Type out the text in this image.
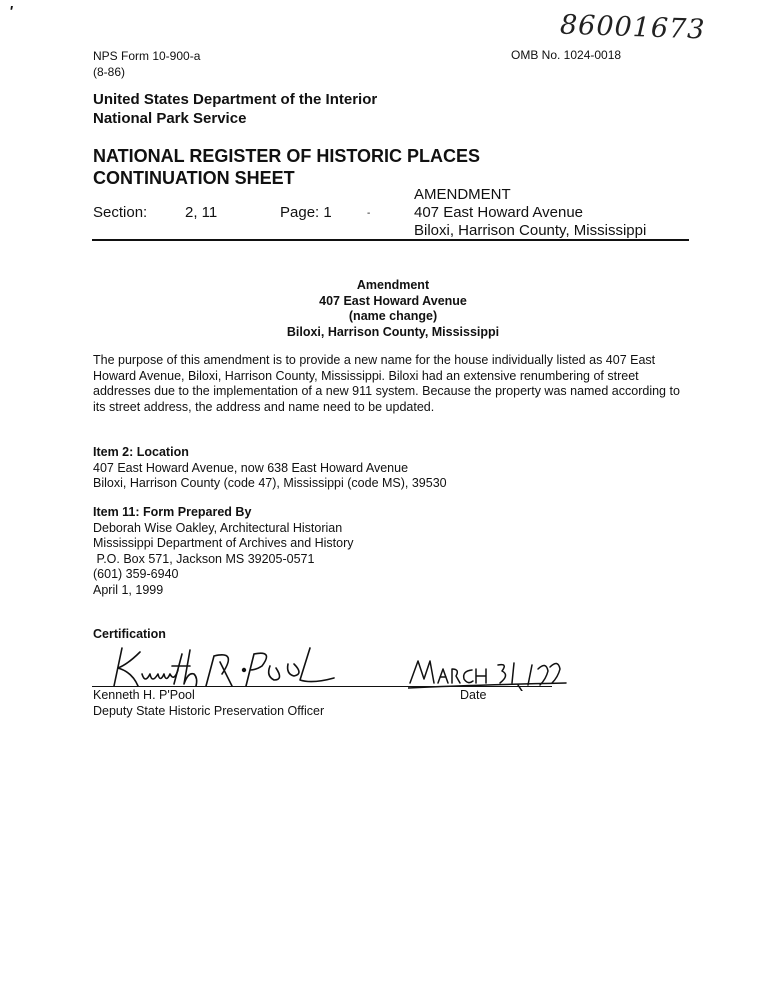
'	86001673
NPS Form 10-900-a
(8-86)
OMB No. 1024-0018
United States Department of the Interior
National Park Service
NATIONAL REGISTER OF HISTORIC PLACES
CONTINUATION SHEET
Section:	2, 11	Page: 1	-
AMENDMENT
407 East Howard Avenue
Biloxi, Harrison County, Mississippi
Amendment
407 East Howard Avenue
(name change)
Biloxi, Harrison County, Mississippi
The purpose of this amendment is to provide a new name for the house individually listed as 407 East Howard Avenue, Biloxi, Harrison County, Mississippi. Biloxi had an extensive renumbering of street addresses due to the implementation of a new 911 system. Because the property was named according to its street address, the address and name need to be updated.
Item 2: Location
407 East Howard Avenue, now 638 East Howard Avenue
Biloxi, Harrison County (code 47), Mississippi (code MS), 39530
Item 11: Form Prepared By
Deborah Wise Oakley, Architectural Historian
Mississippi Department of Archives and History
P.O. Box 571, Jackson MS 39205-0571
(601) 359-6940
April 1, 1999
Certification
Kenneth H. P'Pool
Deputy State Historic Preservation Officer
Date
